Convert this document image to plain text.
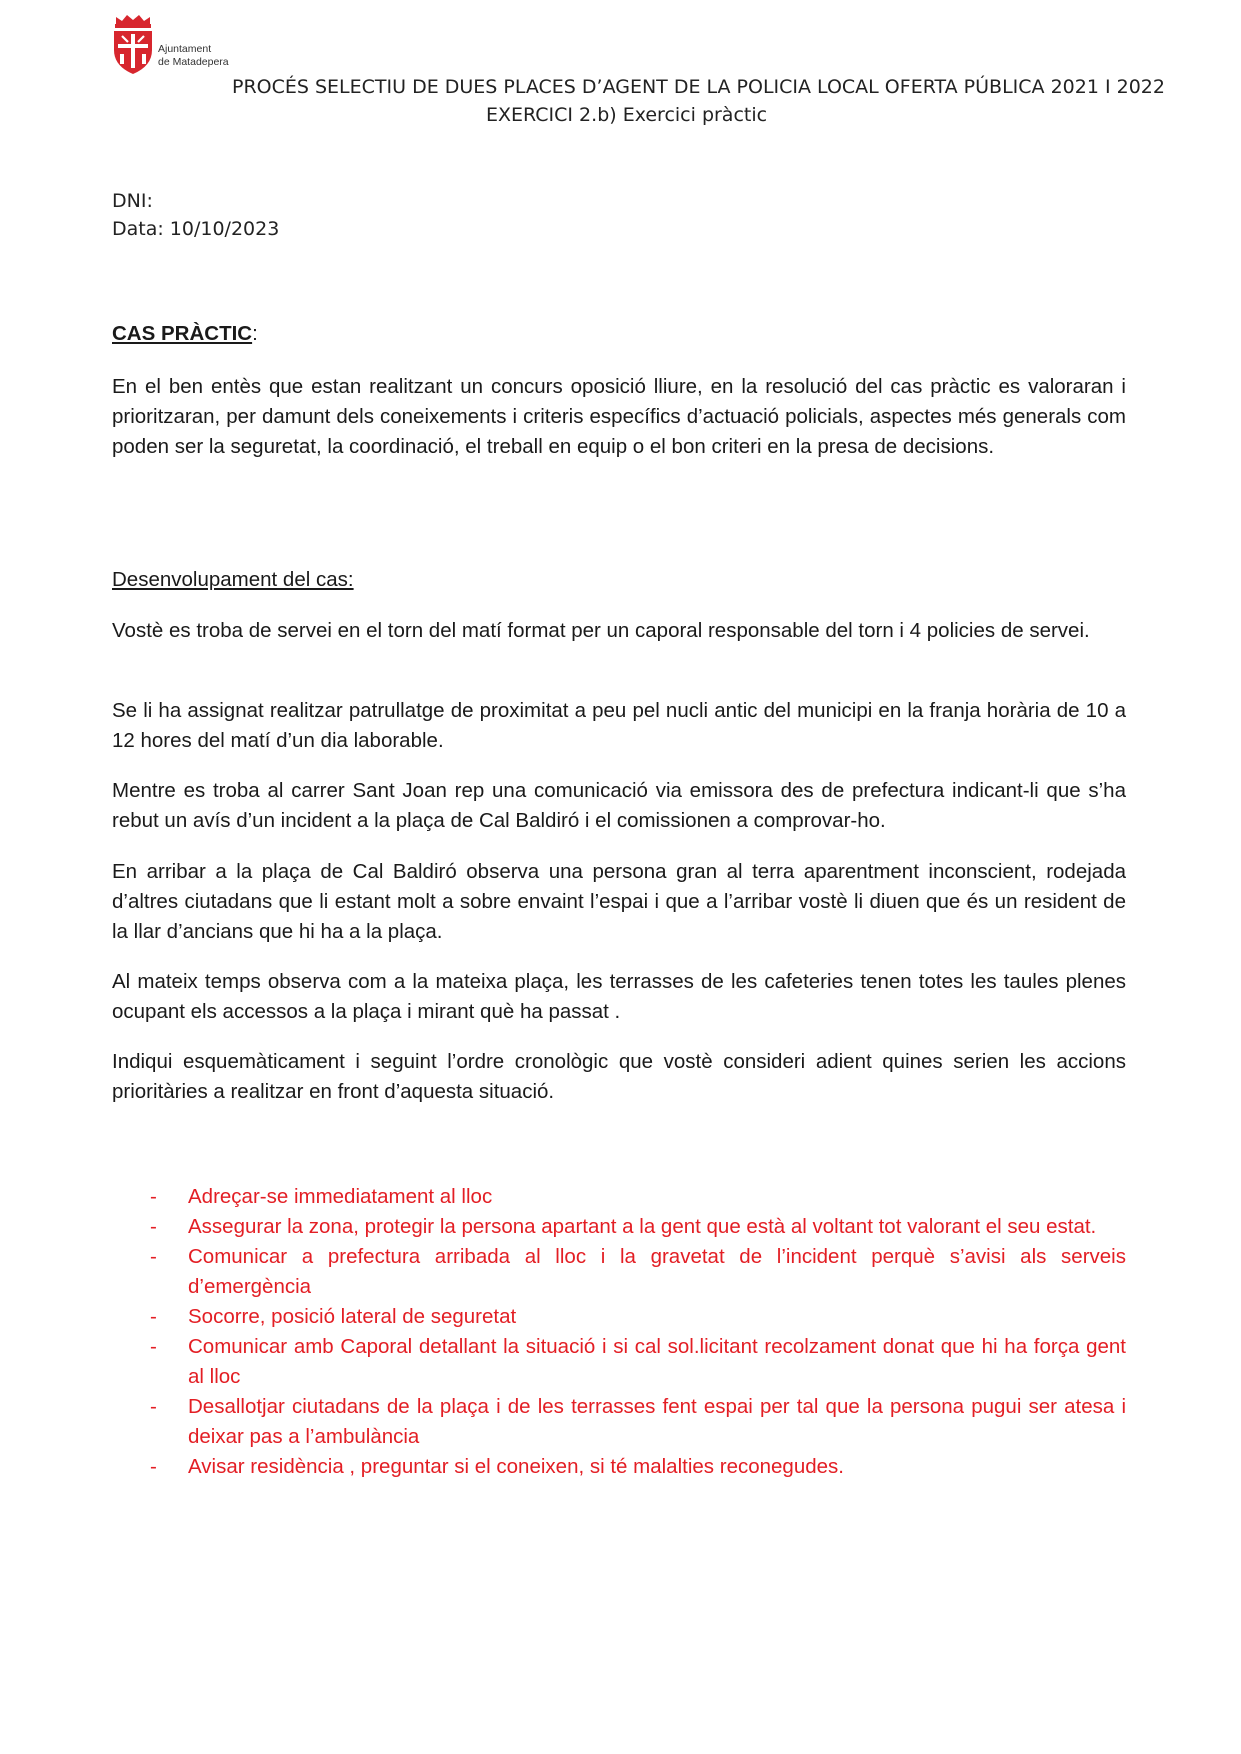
Ajuntament
de Matadepera
PROCÉS SELECTIU DE DUES PLACES D’AGENT DE LA POLICIA LOCAL OFERTA PÚBLICA 2021 I 2022
EXERCICI 2.b) Exercici pràctic
DNI:
Data: 10/10/2023
CAS PRÀCTIC:

En el ben entès que estan realitzant un concurs oposició lliure, en la resolució del cas pràctic es valoraran i prioritzaran, per damunt dels coneixements i criteris específics d’actuació policials, aspectes més generals com poden ser la seguretat, la coordinació, el treball en equip o el bon criteri en la presa de decisions.

Desenvolupament del cas:

Vostè es troba de servei en el torn del matí format per un caporal responsable del torn i 4 policies de servei.

Se li ha assignat realitzar patrullatge de proximitat a peu pel nucli antic del municipi en la franja horària de 10 a 12 hores del matí d’un dia laborable.

Mentre es troba al carrer Sant Joan rep una comunicació via emissora des de prefectura indicant-li que s’ha rebut un avís d’un incident a la plaça de Cal Baldiró i el comissionen a comprovar-ho.

En arribar a la plaça de Cal Baldiró observa una persona gran al terra aparentment inconscient, rodejada d’altres ciutadans que li estant molt a sobre envaint l’espai i que a l’arribar vostè li diuen que és un resident de la llar d’ancians que hi ha a la plaça.

Al mateix temps observa com a la mateixa plaça, les terrasses de les cafeteries tenen totes les taules plenes ocupant els accessos a la plaça i mirant què ha passat .

Indiqui esquemàticament i seguint l’ordre cronològic que vostè consideri adient quines serien les accions prioritàries a realitzar en front d’aquesta situació.

- Adreçar-se immediatament al lloc
- Assegurar la zona, protegir la persona apartant a la gent que està al voltant tot valorant el seu estat.
- Comunicar a prefectura arribada al lloc i la gravetat de l’incident perquè s’avisi als serveis d’emergència
- Socorre, posició lateral de seguretat
- Comunicar amb Caporal detallant la situació i si cal sol.licitant recolzament donat que hi ha força gent al lloc
- Desallotjar ciutadans de la plaça i de les terrasses fent espai per tal que la persona pugui ser atesa i deixar pas a l’ambulància
- Avisar residència , preguntar si el coneixen, si té malalties reconegudes.
